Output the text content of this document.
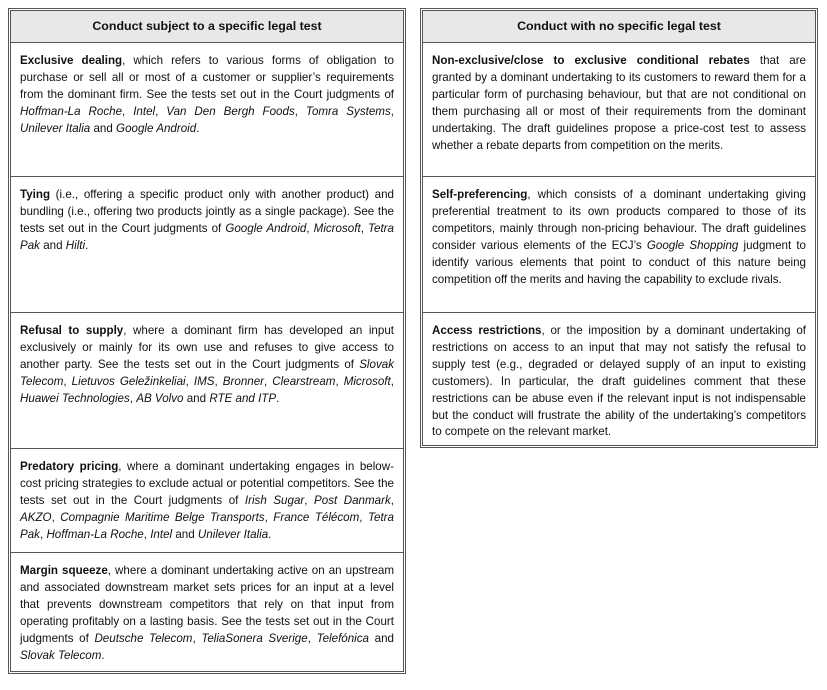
Conduct subject to a specific legal test
Exclusive dealing, which refers to various forms of obligation to purchase or sell all or most of a customer or supplier’s requirements from the dominant firm. See the tests set out in the Court judgments of Hoffman-La Roche, Intel, Van Den Bergh Foods, Tomra Systems, Unilever Italia and Google Android.
Tying (i.e., offering a specific product only with another product) and bundling (i.e., offering two products jointly as a single package). See the tests set out in the Court judgments of Google Android, Microsoft, Tetra Pak and Hilti.
Refusal to supply, where a dominant firm has developed an input exclusively or mainly for its own use and refuses to give access to another party. See the tests set out in the Court judgments of Slovak Telecom, Lietuvos Geležinkeliai, IMS, Bronner, Clearstream, Microsoft, Huawei Technologies, AB Volvo and RTE and ITP.
Predatory pricing, where a dominant undertaking engages in below-cost pricing strategies to exclude actual or potential competitors. See the tests set out in the Court judgments of Irish Sugar, Post Danmark, AKZO, Compagnie Maritime Belge Transports, France Télécom, Tetra Pak, Hoffman-La Roche, Intel and Unilever Italia.
Margin squeeze, where a dominant undertaking active on an upstream and associated downstream market sets prices for an input at a level that prevents downstream competitors that rely on that input from operating profitably on a lasting basis. See the tests set out in the Court judgments of Deutsche Telecom, TeliaSonera Sverige, Telefónica and Slovak Telecom.
Conduct with no specific legal test
Non-exclusive/close to exclusive conditional rebates that are granted by a dominant undertaking to its customers to reward them for a particular form of purchasing behaviour, but that are not conditional on them purchasing all or most of their requirements from the dominant undertaking. The draft guidelines propose a price-cost test to assess whether a rebate departs from competition on the merits.
Self-preferencing, which consists of a dominant undertaking giving preferential treatment to its own products compared to those of its competitors, mainly through non-pricing behaviour. The draft guidelines consider various elements of the ECJ’s Google Shopping judgment to identify various elements that point to conduct of this nature being competition off the merits and having the capability to exclude rivals.
Access restrictions, or the imposition by a dominant undertaking of restrictions on access to an input that may not satisfy the refusal to supply test (e.g., degraded or delayed supply of an input to existing customers). In particular, the draft guidelines comment that these restrictions can be abuse even if the relevant input is not indispensable but the conduct will frustrate the ability of the undertaking’s competitors to compete on the relevant market.
